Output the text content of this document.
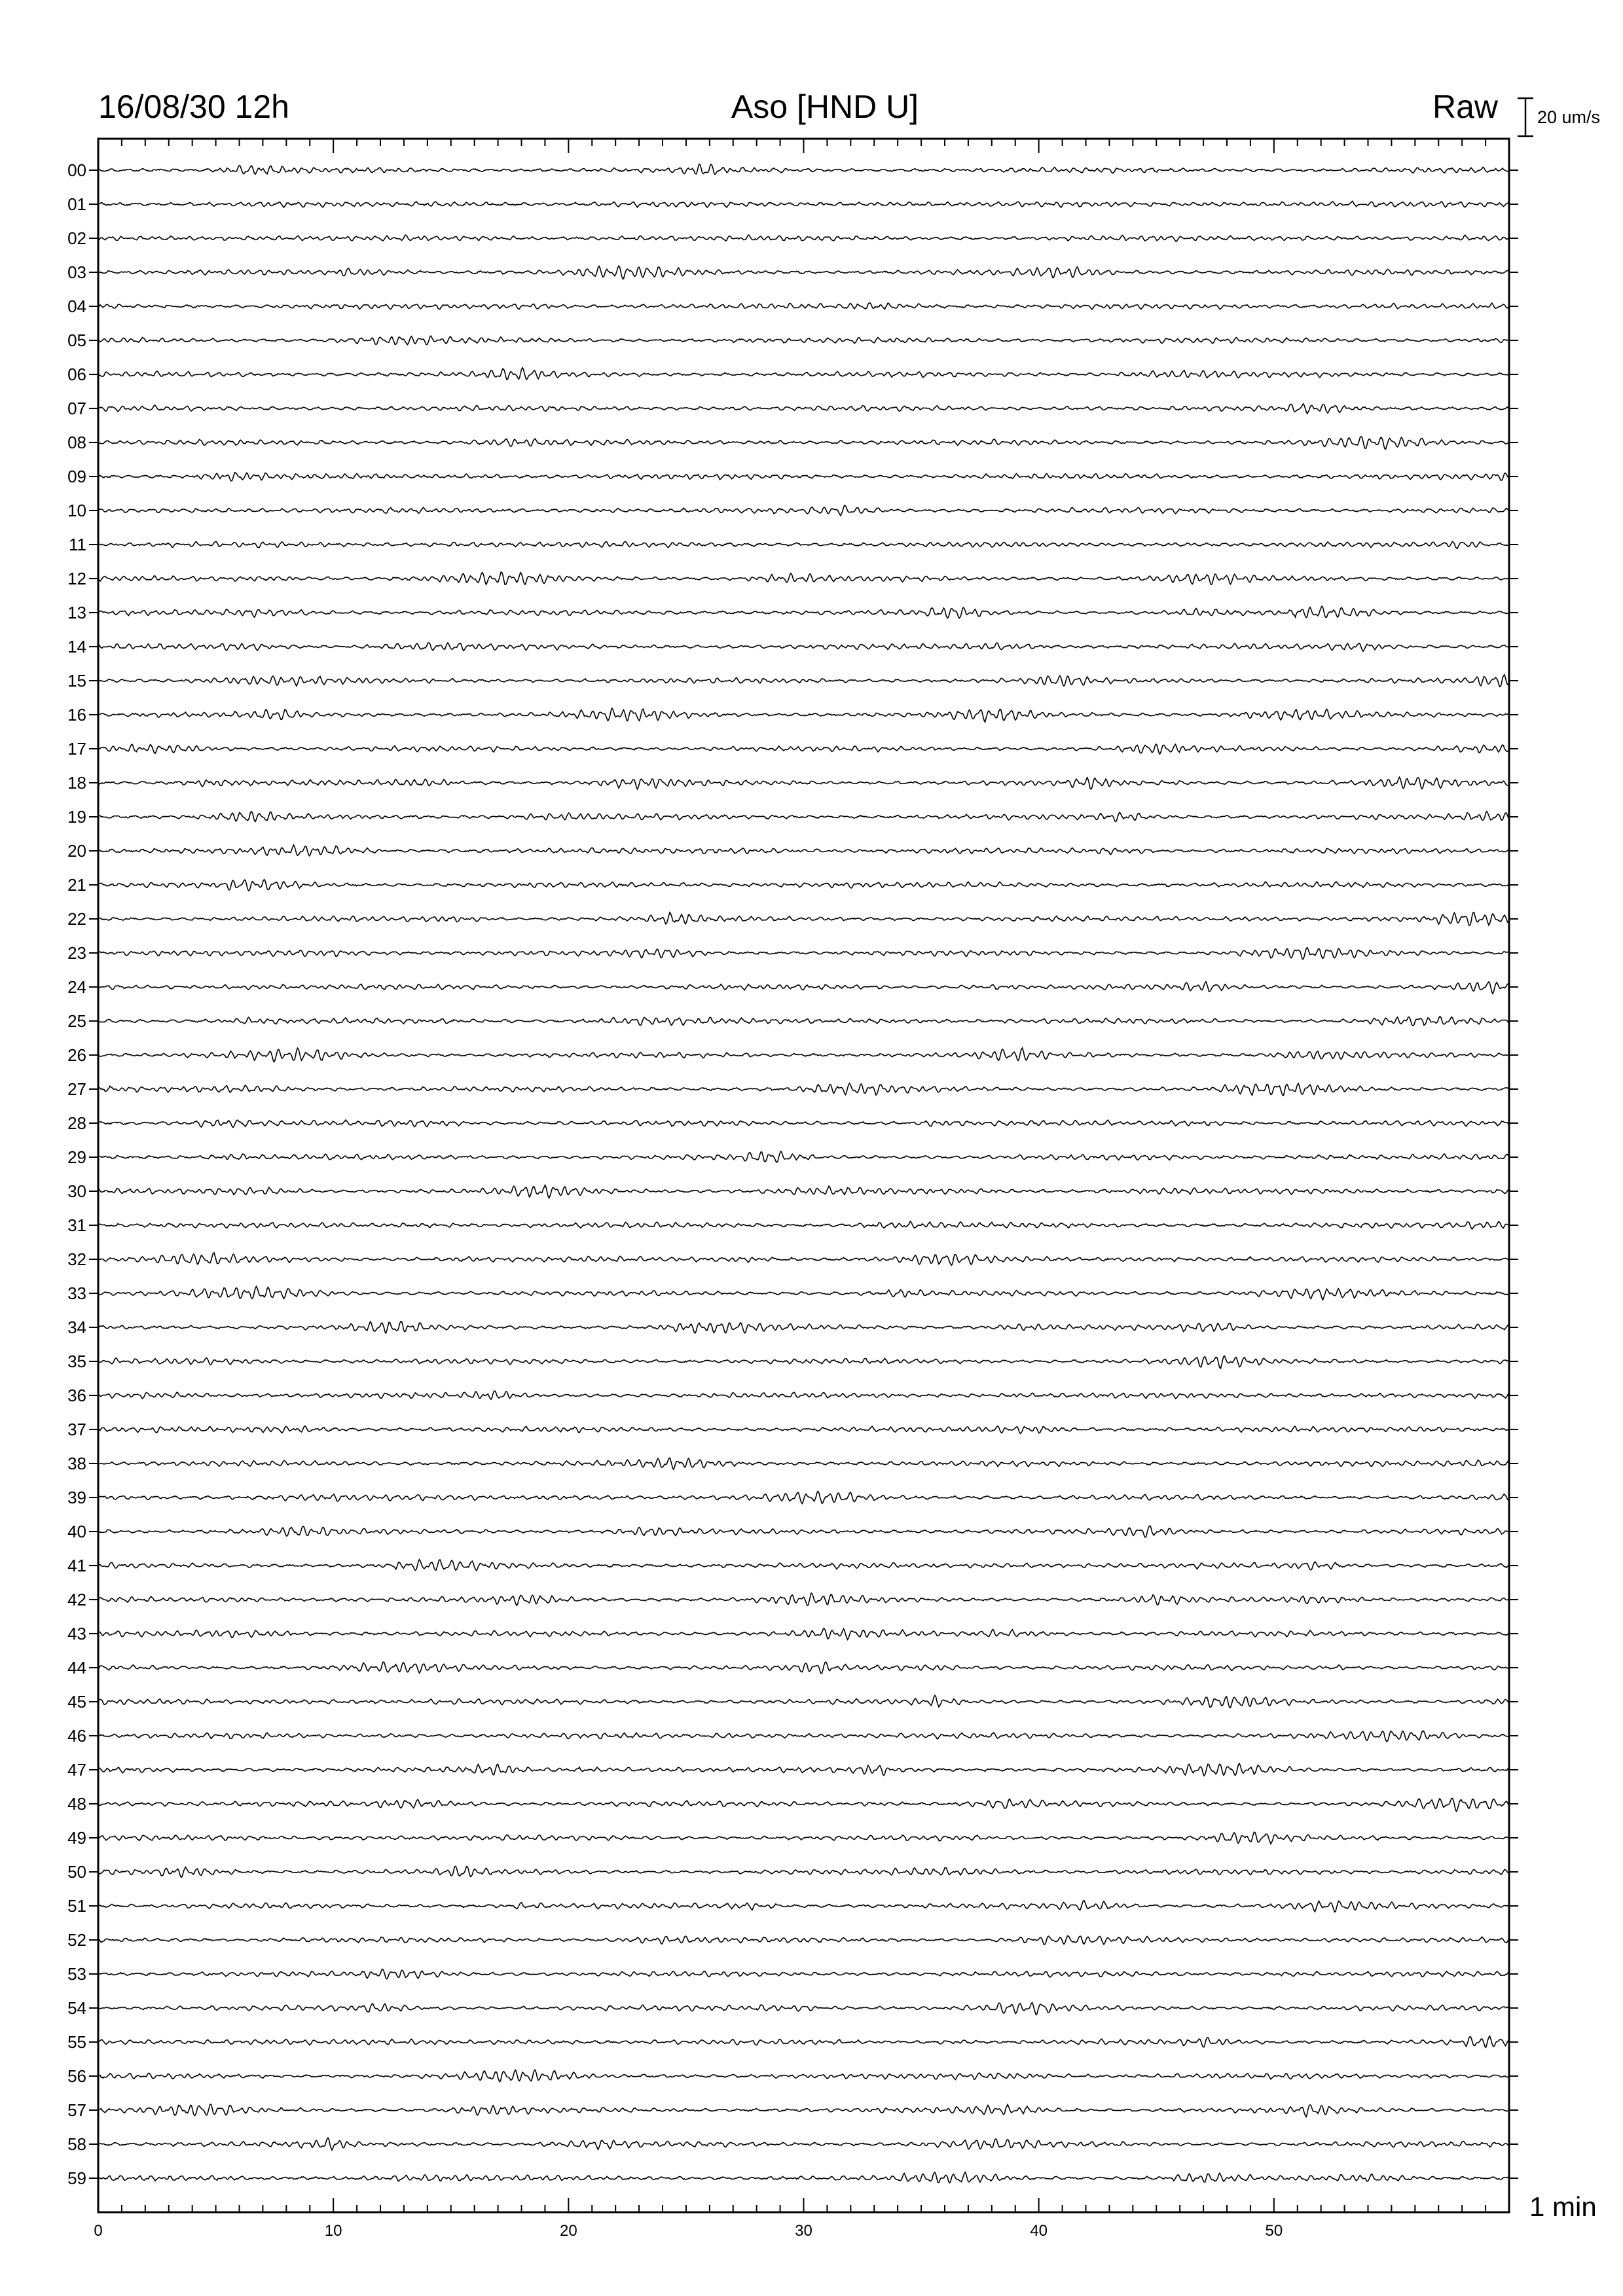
16/08/30 12h	Aso [HND U]	Raw 20 um/s
1 min
00
01
02
03
04
05
06
07
08
09
10
11
12
13
14
15
16
17
18
19
20
21
22
23
24
25
26
27
28
29
30
31
32
33
34
35
36
37
38
39
40
41
42
43
44
45
46
47
48
49
50
51
52
53
54
55
56
57
58
59
0	10	20	30	40	50
